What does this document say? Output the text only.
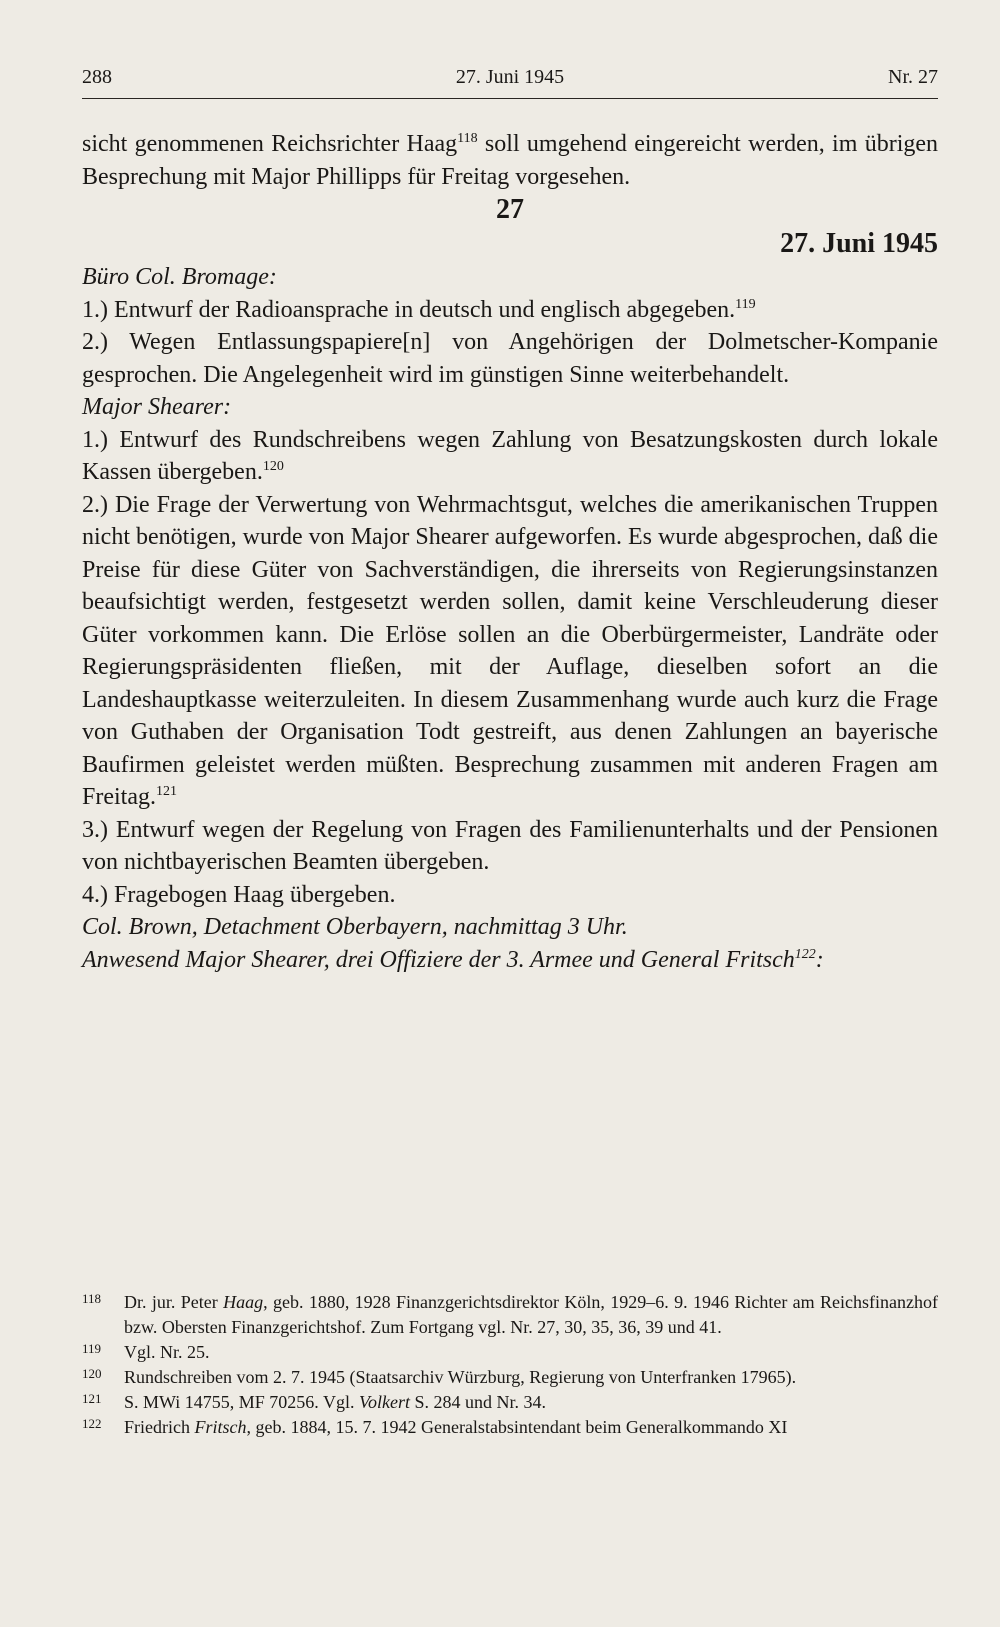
288	27. Juni 1945	Nr. 27

sicht genommenen Reichsrichter Haag$^{118}$ soll umgehend eingereicht werden, im übrigen Besprechung mit Major Phillipps für Freitag vorgesehen.

27

27. Juni 1945

Büro Col. Bromage:

1.) Entwurf der Radioansprache in deutsch und englisch abgegeben.$^{119}$

2.) Wegen Entlassungspapiere[n] von Angehörigen der Dolmetscher-Kompanie gesprochen. Die Angelegenheit wird im günstigen Sinne weiterbehandelt.

Major Shearer:

1.) Entwurf des Rundschreibens wegen Zahlung von Besatzungskosten durch lokale Kassen übergeben.$^{120}$

2.) Die Frage der Verwertung von Wehrmachtsgut, welches die amerikanischen Truppen nicht benötigen, wurde von Major Shearer aufgeworfen. Es wurde abgesprochen, daß die Preise für diese Güter von Sachverständigen, die ihrerseits von Regierungsinstanzen beaufsichtigt werden, festgesetzt werden sollen, damit keine Verschleuderung dieser Güter vorkommen kann. Die Erlöse sollen an die Oberbürgermeister, Landräte oder Regierungspräsidenten fließen, mit der Auflage, dieselben sofort an die Landeshauptkasse weiterzuleiten. In diesem Zusammenhang wurde auch kurz die Frage von Guthaben der Organisation Todt gestreift, aus denen Zahlungen an bayerische Baufirmen geleistet werden müßten. Besprechung zusammen mit anderen Fragen am Freitag.$^{121}$

3.) Entwurf wegen der Regelung von Fragen des Familienunterhalts und der Pensionen von nichtbayerischen Beamten übergeben.

4.) Fragebogen Haag übergeben.

Col. Brown, Detachment Oberbayern, nachmittag 3 Uhr.

Anwesend Major Shearer, drei Offiziere der 3. Armee und General Fritsch$^{122}$:

118 Dr. jur. Peter Haag, geb. 1880, 1928 Finanzgerichtsdirektor Köln, 1929–6. 9. 1946 Richter am Reichsfinanzhof bzw. Obersten Finanzgerichtshof. Zum Fortgang vgl. Nr. 27, 30, 35, 36, 39 und 41.
119 Vgl. Nr. 25.
120 Rundschreiben vom 2. 7. 1945 (Staatsarchiv Würzburg, Regierung von Unterfranken 17965).
121 S. MWi 14755, MF 70256. Vgl. Volkert S. 284 und Nr. 34.
122 Friedrich Fritsch, geb. 1884, 15. 7. 1942 Generalstabsintendant beim Generalkommando XI
